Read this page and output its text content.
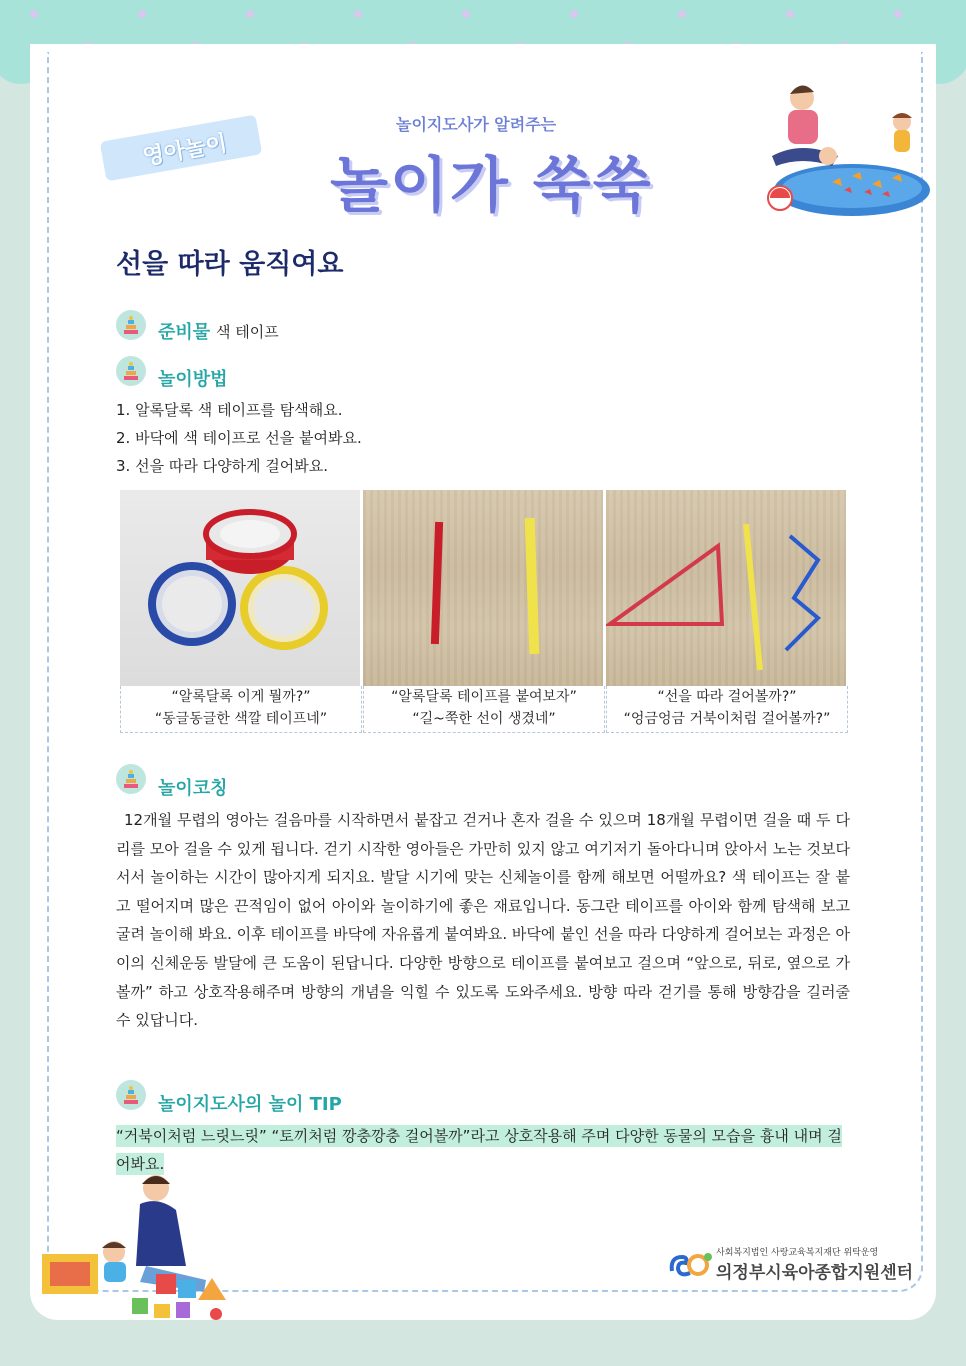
영아놀이
놀이지도사가 알려주는
놀이가 쑥쑥
선을 따라 움직여요
준비물 색 테이프
놀이방법
1. 알록달록 색 테이프를 탐색해요.
2. 바닥에 색 테이프로 선을 붙여봐요.
3. 선을 따라 다양하게 걸어봐요.
“알록달록 이게 뭘까?”
“동글동글한 색깔 테이프네”
“알록달록 테이프를 붙여보자”
“길~쭉한 선이 생겼네”
“선을 따라 걸어볼까?”
“엉금엉금 거북이처럼 걸어볼까?”
놀이코칭
12개월 무렵의 영아는 걸음마를 시작하면서 붙잡고 걷거나 혼자 걸을 수 있으며 18개월 무렵이면 걸을 때 두 다리를 모아 걸을 수 있게 됩니다. 걷기 시작한 영아들은 가만히 있지 않고 여기저기 돌아다니며 앉아서 노는 것보다 서서 놀이하는 시간이 많아지게 되지요. 발달 시기에 맞는 신체놀이를 함께 해보면 어떨까요? 색 테이프는 잘 붙고 떨어지며 많은 끈적임이 없어 아이와 놀이하기에 좋은 재료입니다. 동그란 테이프를 아이와 함께 탐색해 보고 굴려 놀이해 봐요. 이후 테이프를 바닥에 자유롭게 붙여봐요. 바닥에 붙인 선을 따라 다양하게 걸어보는 과정은 아이의 신체운동 발달에 큰 도움이 된답니다. 다양한 방향으로 테이프를 붙여보고 걸으며 “앞으로, 뒤로, 옆으로 가볼까” 하고 상호작용해주며 방향의 개념을 익힐 수 있도록 도와주세요. 방향 따라 걷기를 통해 방향감을 길러줄 수 있답니다.
놀이지도사의 놀이 TIP
“거북이처럼 느릿느릿” “토끼처럼 깡충깡충 걸어볼까”라고 상호작용해 주며 다양한 동물의 모습을 흉내 내며 걸어봐요.
사회복지법인 사랑교육복지재단 위탁운영
의정부시육아종합지원센터
